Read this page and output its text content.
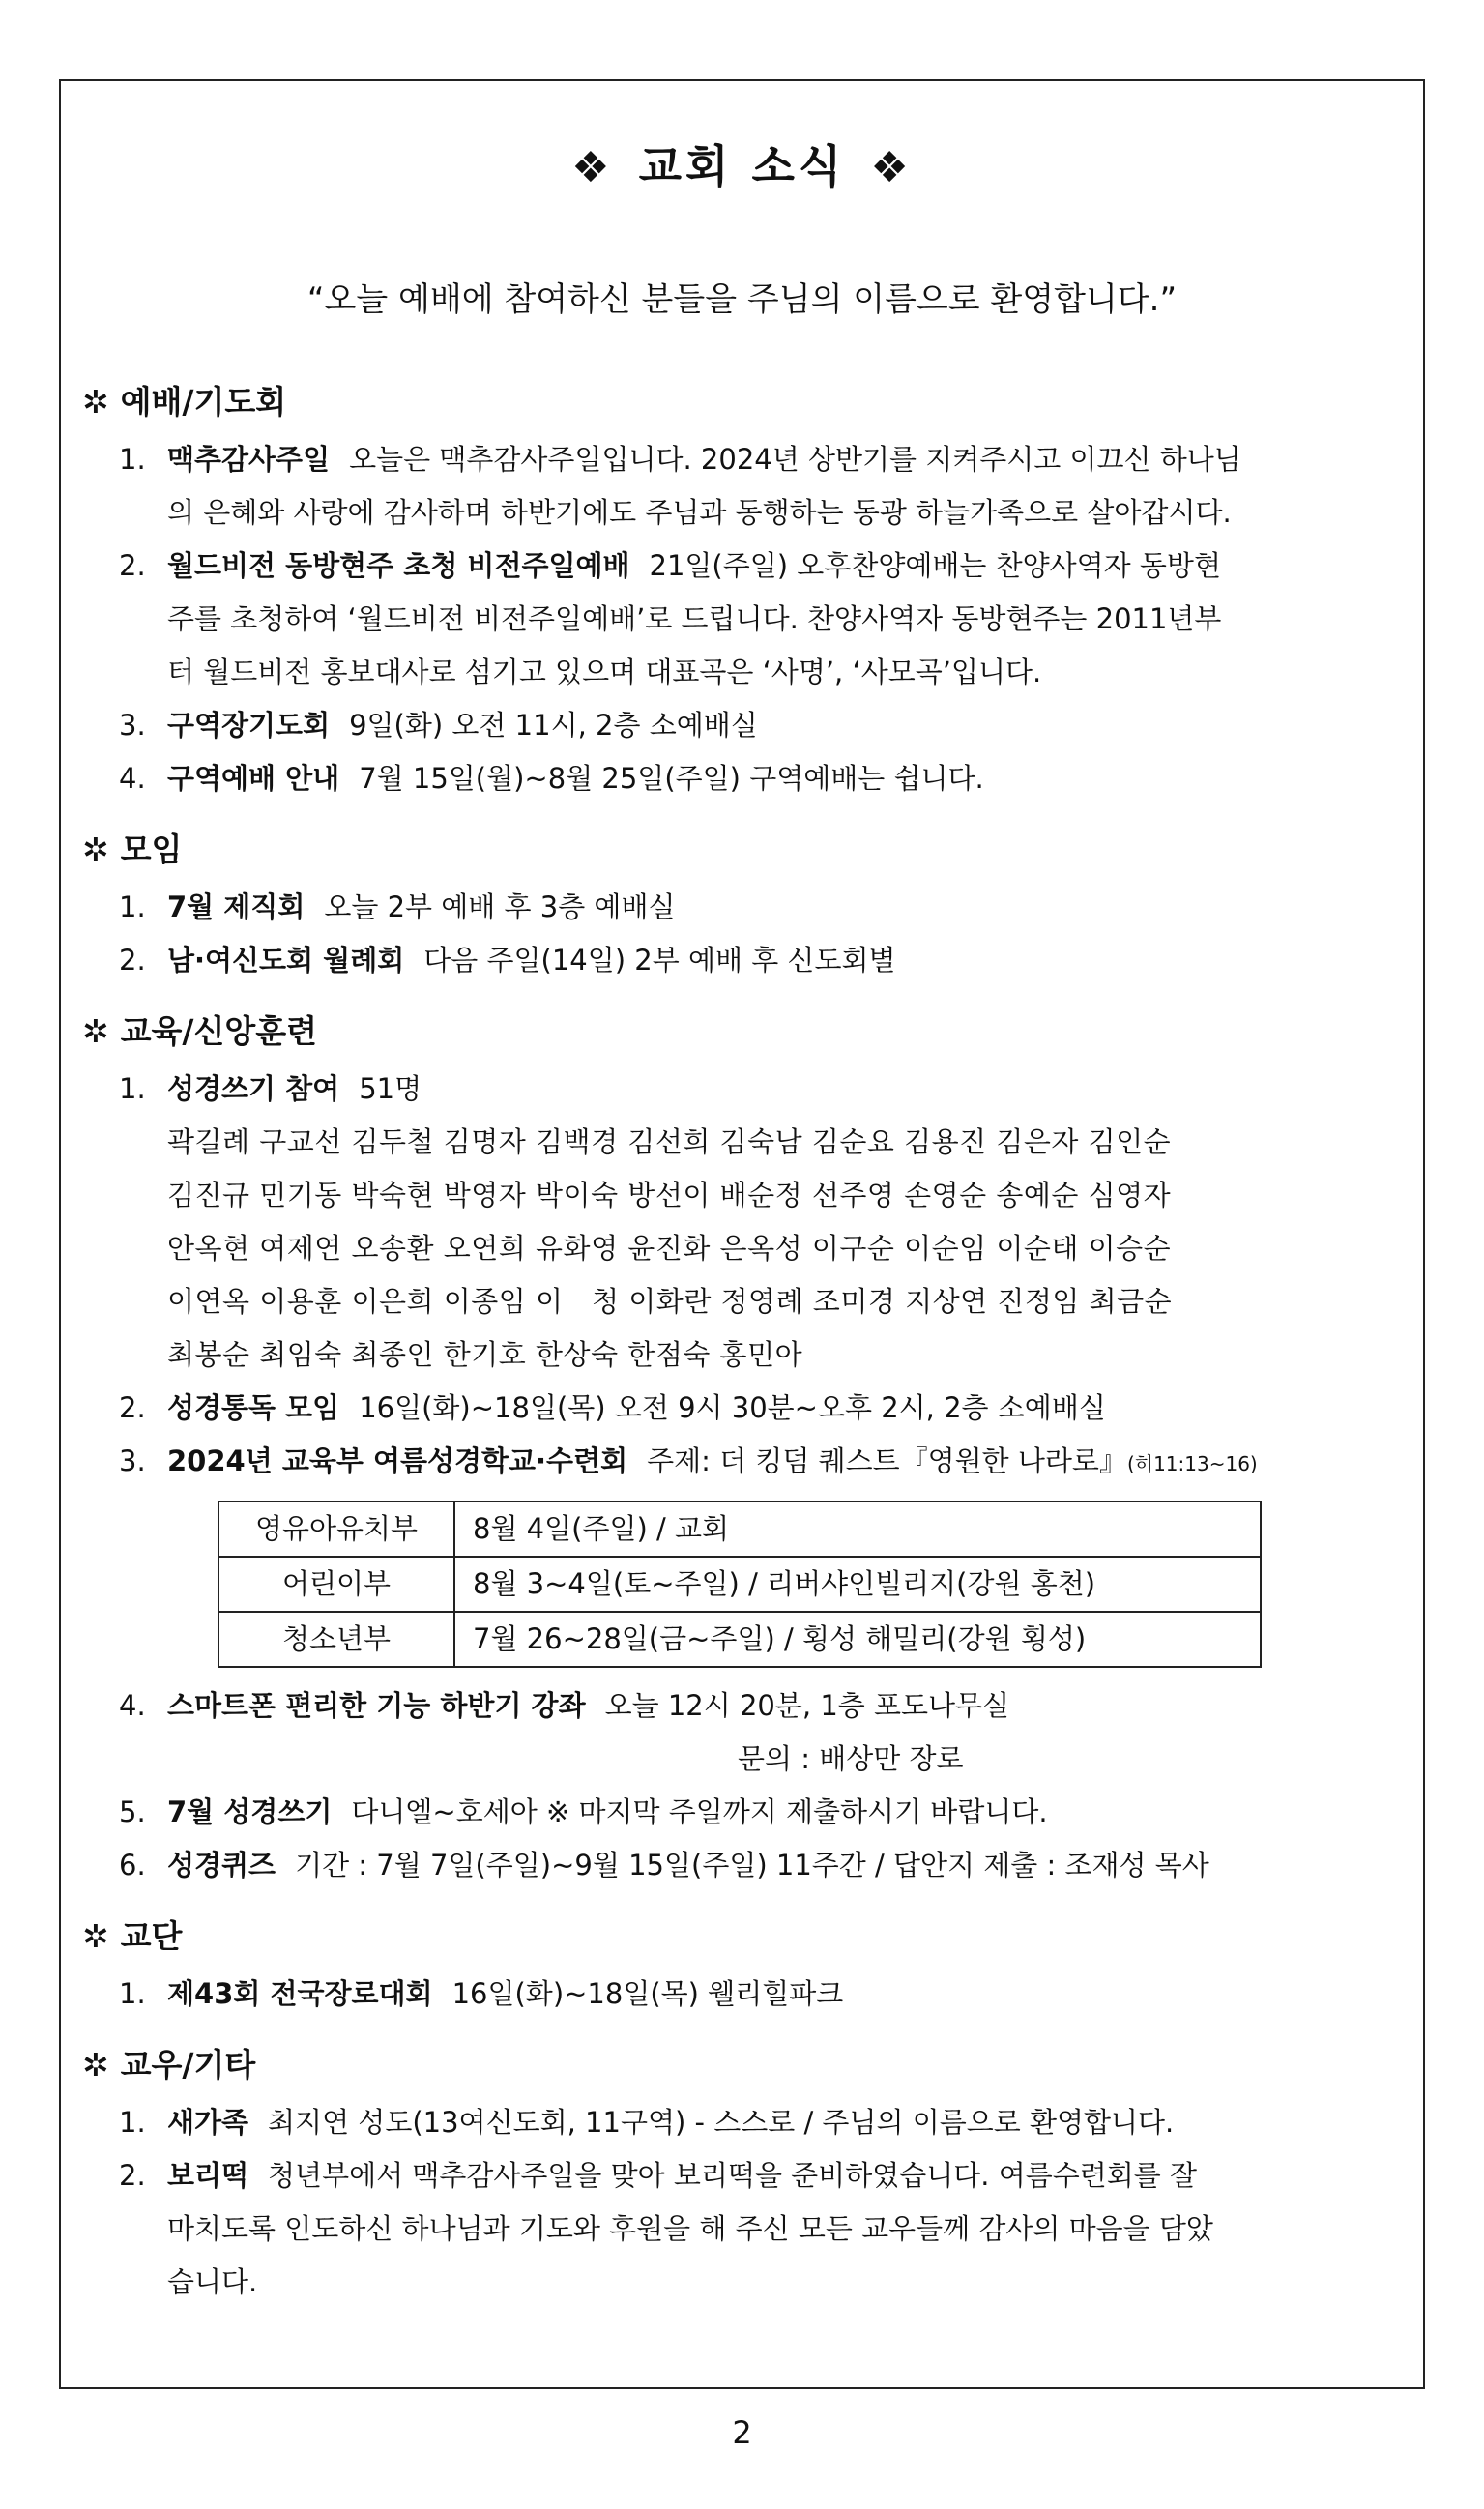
❖ 교회 소식 ❖
“오늘 예배에 참여하신 분들을 주님의 이름으로 환영합니다.”
✲ 예배/기도회
1. 맥추감사주일 오늘은 맥추감사주일입니다. 2024년 상반기를 지켜주시고 이끄신 하나님
의 은혜와 사랑에 감사하며 하반기에도 주님과 동행하는 동광 하늘가족으로 살아갑시다.
2. 월드비전 동방현주 초청 비전주일예배 21일(주일) 오후찬양예배는 찬양사역자 동방현
주를 초청하여 ‘월드비전 비전주일예배’로 드립니다. 찬양사역자 동방현주는 2011년부
터 월드비전 홍보대사로 섬기고 있으며 대표곡은 ‘사명’, ‘사모곡’입니다.
3. 구역장기도회 9일(화) 오전 11시, 2층 소예배실
4. 구역예배 안내 7월 15일(월)~8월 25일(주일) 구역예배는 쉽니다.
✲ 모임
1. 7월 제직회 오늘 2부 예배 후 3층 예배실
2. 남·여신도회 월례회 다음 주일(14일) 2부 예배 후 신도회별
✲ 교육/신앙훈련
1. 성경쓰기 참여 51명
곽길례 구교선 김두철 김명자 김백경 김선희 김숙남 김순요 김용진 김은자 김인순
김진규 민기동 박숙현 박영자 박이숙 방선이 배순정 선주영 손영순 송예순 심영자
안옥현 여제연 오송환 오연희 유화영 윤진화 은옥성 이구순 이순임 이순태 이승순
이연옥 이용훈 이은희 이종임 이　청 이화란 정영례 조미경 지상연 진정임 최금순
최봉순 최임숙 최종인 한기호 한상숙 한점숙 홍민아
2. 성경통독 모임 16일(화)~18일(목) 오전 9시 30분~오후 2시, 2층 소예배실
3. 2024년 교육부 여름성경학교·수련회 주제: 더 킹덤 퀘스트『영원한 나라로』(히11:13~16)
영유아유치부	8월 4일(주일) / 교회
어린이부	8월 3~4일(토~주일) / 리버샤인빌리지(강원 홍천)
청소년부	7월 26~28일(금~주일) / 횡성 해밀리(강원 횡성)
4. 스마트폰 편리한 기능 하반기 강좌 오늘 12시 20분, 1층 포도나무실
문의 : 배상만 장로
5. 7월 성경쓰기 다니엘~호세아 ※ 마지막 주일까지 제출하시기 바랍니다.
6. 성경퀴즈 기간 : 7월 7일(주일)~9월 15일(주일) 11주간 / 답안지 제출 : 조재성 목사
✲ 교단
1. 제43회 전국장로대회 16일(화)~18일(목) 웰리힐파크
✲ 교우/기타
1. 새가족 최지연 성도(13여신도회, 11구역) - 스스로 / 주님의 이름으로 환영합니다.
2. 보리떡 청년부에서 맥추감사주일을 맞아 보리떡을 준비하였습니다. 여름수련회를 잘
마치도록 인도하신 하나님과 기도와 후원을 해 주신 모든 교우들께 감사의 마음을 담았
습니다.
2
